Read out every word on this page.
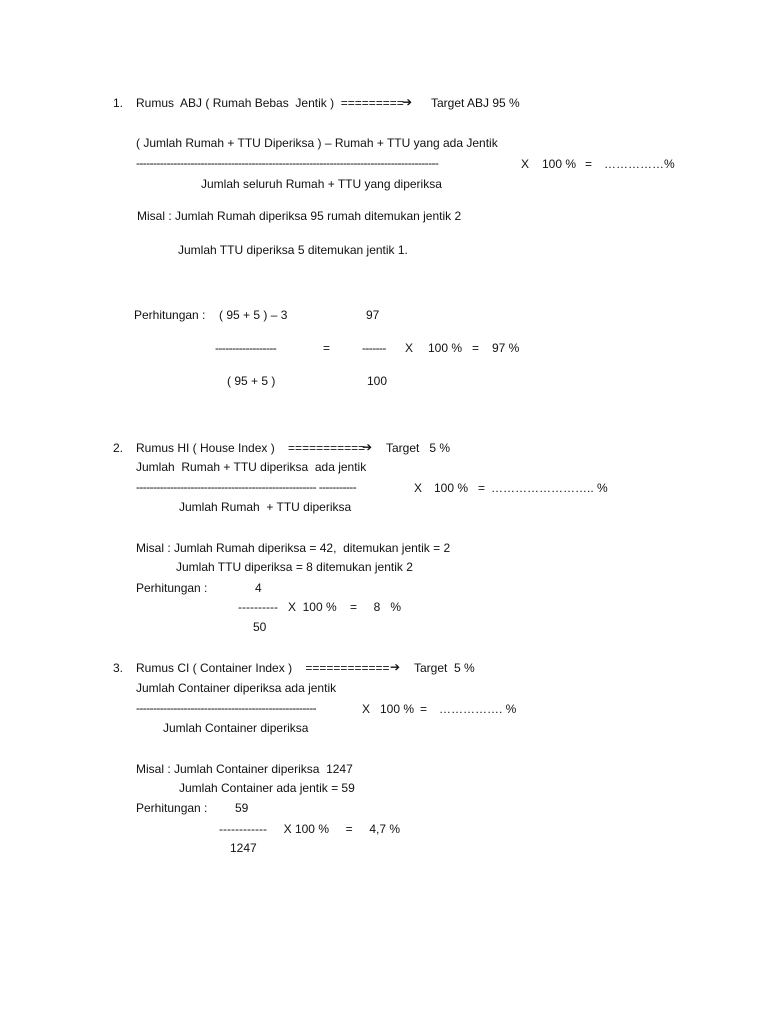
1. Rumus  ABJ ( Rumah Bebas  Jentik )  =========
➔ Target ABJ 95 %
( Jumlah Rumah + TTU Diperiksa ) – Rumah + TTU yang ada Jentik
-----------------------------------------------------------------------------------------	X 100 % = ……………%
Jumlah seluruh Rumah + TTU yang diperiksa
Misal : Jumlah Rumah diperiksa 95 rumah ditemukan jentik 2
Jumlah TTU diperiksa 5 ditemukan jentik 1.
Perhitungan : ( 95 + 5 ) – 3	97
------------------	=	------- X 100 % = 97 %
( 95 + 5 )	100
2. Rumus HI ( House Index )    ===========
➔ Target   5 %
Jumlah  Rumah + TTU diperiksa  ada jentik
----------------------------------------------------- -----------	X 100 % = …………………….. %
Jumlah Rumah  + TTU diperiksa
Misal : Jumlah Rumah diperiksa = 42,  ditemukan jentik = 2
Jumlah TTU diperiksa = 8 ditemukan jentik 2
Perhitungan :	4
----------   X  100 %    =     8   %
50
3. Rumus CI ( Container Index )    ============ ➔ Target  5 %
Jumlah Container diperiksa ada jentik
-----------------------------------------------------	X 100 % = ……………. %
Jumlah Container diperiksa
Misal : Jumlah Container diperiksa  1247
Jumlah Container ada jentik = 59
Perhitungan : 59
------------     X 100 %     =     4,7 %
1247
